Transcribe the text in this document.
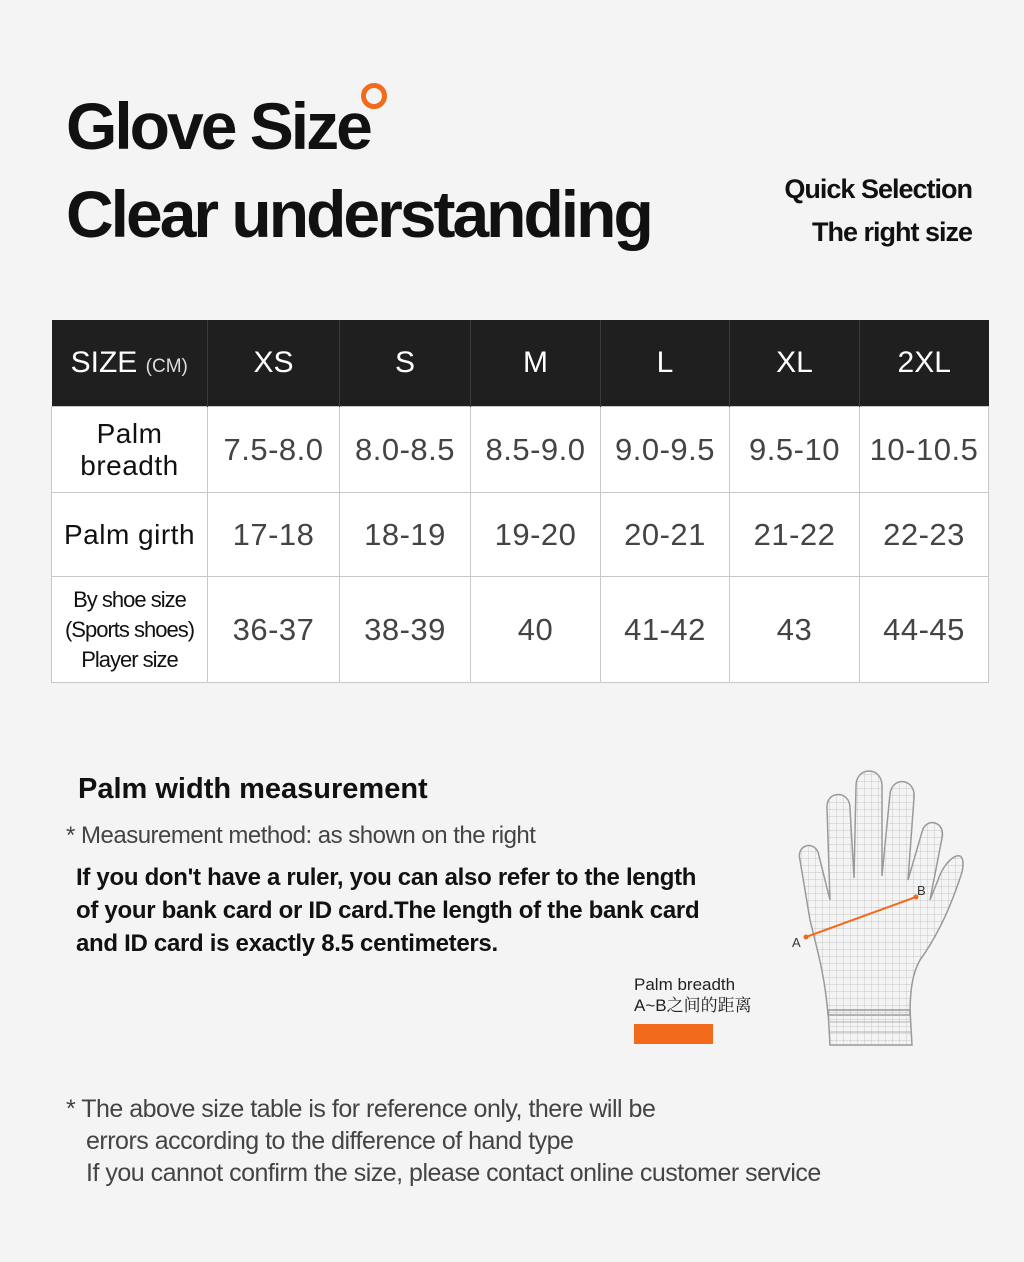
Glove Size
Clear understanding	Quick Selection
The right size
SIZE (CM)	XS	S	M	L	XL	2XL

Palm
breadth	7.5-8.0	8.0-8.5	8.5-9.0	9.0-9.5	9.5-10	10-10.5

Palm girth	17-18	18-19	19-20	20-21	21-22	22-23

By shoe size
(Sports shoes)
Player size	36-37	38-39	40	41-42	43	44-45
Palm width measurement
* Measurement method: as shown on the right
If you don't have a ruler, you can also refer to the length
of your bank card or ID card.The length of the bank card
and ID card is exactly 8.5 centimeters.
Palm breadth
A~B之间的距离
A
B
* The above size table is for reference only, there will be
errors according to the difference of hand type
If you cannot confirm the size, please contact online customer service
